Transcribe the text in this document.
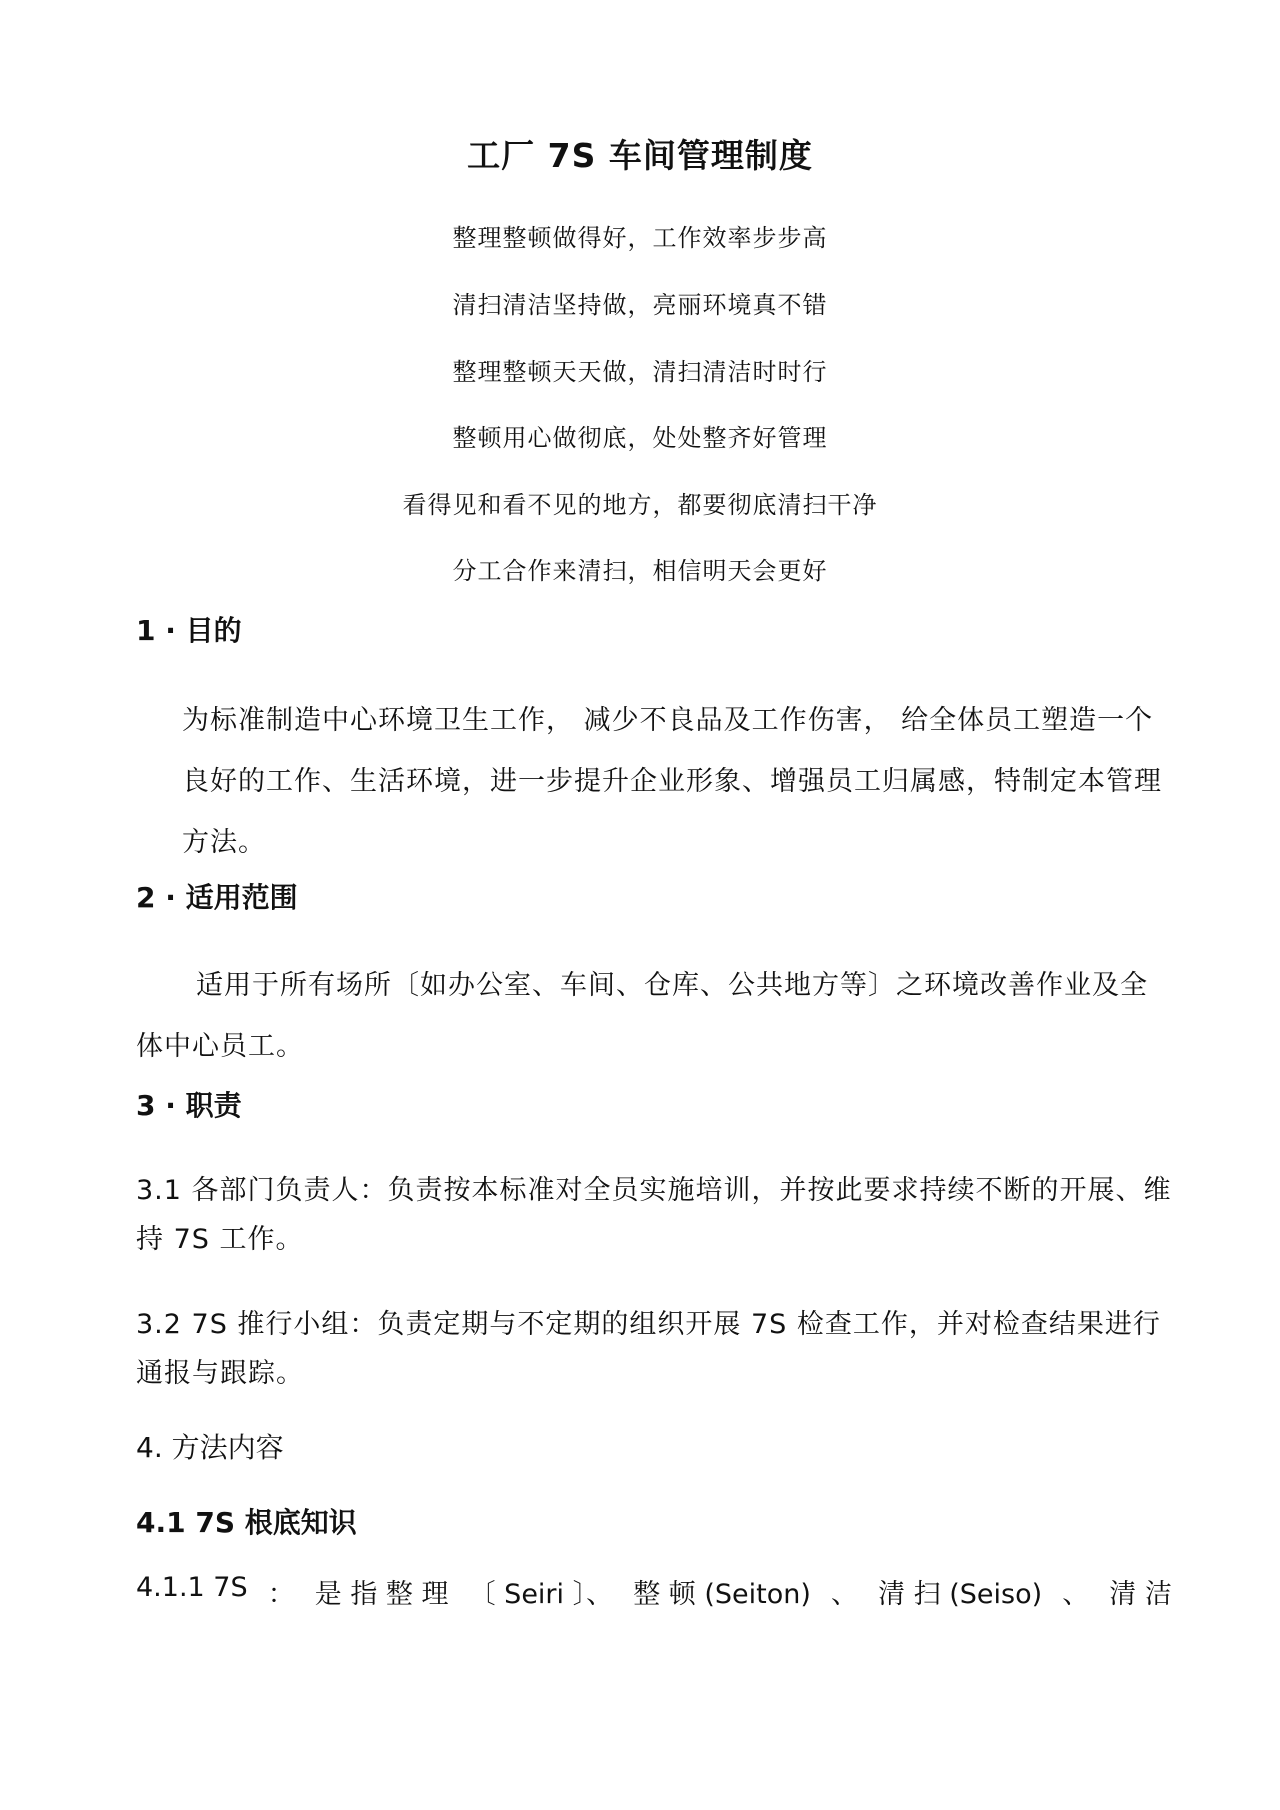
工厂 7S 车间管理制度
整理整顿做得好，工作效率步步高
清扫清洁坚持做，亮丽环境真不错
整理整顿天天做，清扫清洁时时行
整顿用心做彻底，处处整齐好管理
看得见和看不见的地方，都要彻底清扫干净
分工合作来清扫，相信明天会更好
1 · 目的
为标准制造中心环境卫生工作， 减少不良品及工作伤害， 给全体员工塑造一个良好的工作、生活环境，进一步提升企业形象、增强员工归属感，特制定本管理方法。
2 · 适用范围
适用于所有场所〔如办公室、车间、仓库、公共地方等〕之环境改善作业及全体中心员工。
3 · 职责
3.1 各部门负责人：负责按本标准对全员实施培训，并按此要求持续不断的开展、维持 7S 工作。
3.2 7S 推行小组：负责定期与不定期的组织开展 7S 检查工作，并对检查结果进行通报与跟踪。
4. 方法内容
4.1 7S 根底知识
4.1.1 7S ： 是 指 整 理 〔 Seiri 〕、 整 顿 (Seiton) 、 清 扫 (Seiso) 、 清 洁
